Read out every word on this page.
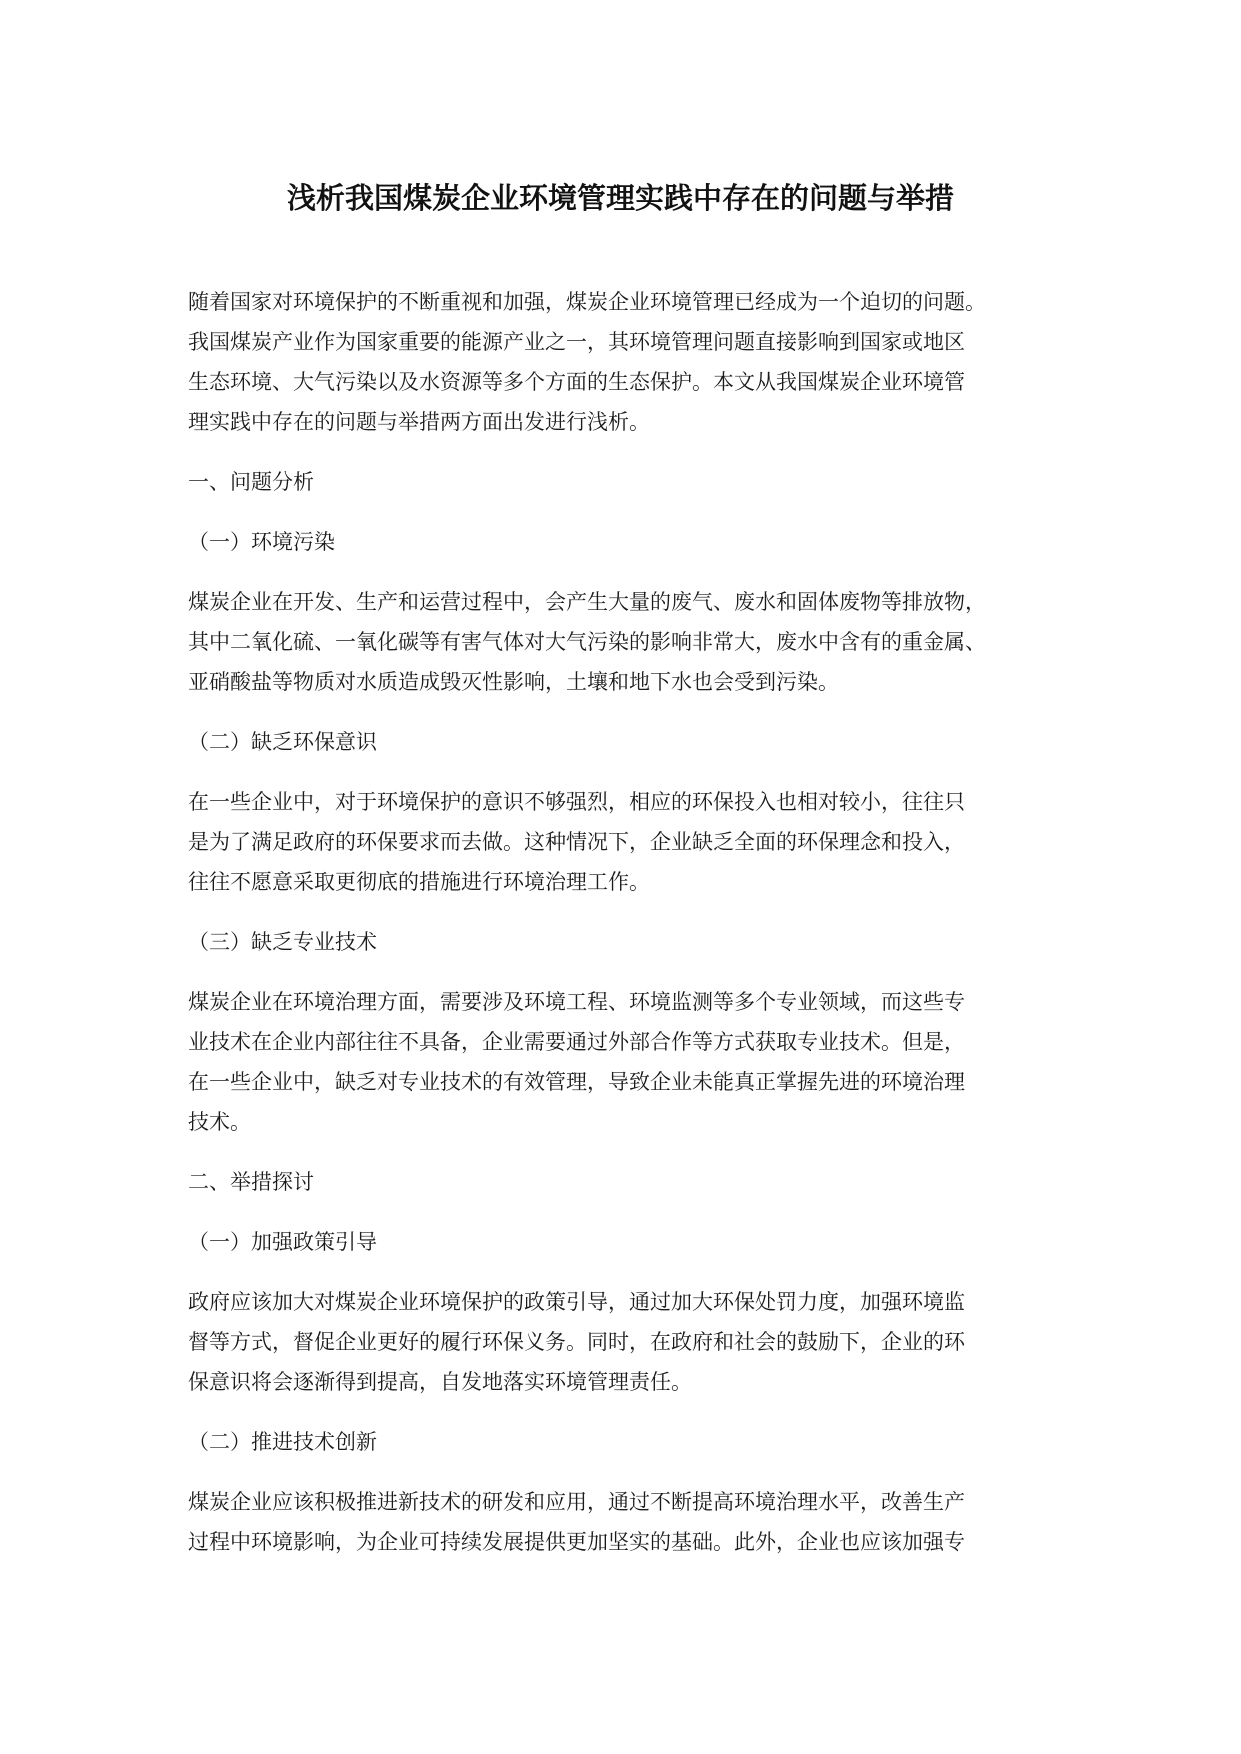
浅析我国煤炭企业环境管理实践中存在的问题与举措

随着国家对环境保护的不断重视和加强，煤炭企业环境管理已经成为一个迫切的问题。
我国煤炭产业作为国家重要的能源产业之一，其环境管理问题直接影响到国家或地区
生态环境、大气污染以及水资源等多个方面的生态保护。本文从我国煤炭企业环境管
理实践中存在的问题与举措两方面出发进行浅析。

一、问题分析

（一）环境污染

煤炭企业在开发、生产和运营过程中，会产生大量的废气、废水和固体废物等排放物，
其中二氧化硫、一氧化碳等有害气体对大气污染的影响非常大，废水中含有的重金属、
亚硝酸盐等物质对水质造成毁灭性影响，土壤和地下水也会受到污染。

（二）缺乏环保意识

在一些企业中，对于环境保护的意识不够强烈，相应的环保投入也相对较小，往往只
是为了满足政府的环保要求而去做。这种情况下，企业缺乏全面的环保理念和投入，
往往不愿意采取更彻底的措施进行环境治理工作。

（三）缺乏专业技术

煤炭企业在环境治理方面，需要涉及环境工程、环境监测等多个专业领域，而这些专
业技术在企业内部往往不具备，企业需要通过外部合作等方式获取专业技术。但是，
在一些企业中，缺乏对专业技术的有效管理，导致企业未能真正掌握先进的环境治理
技术。

二、举措探讨

（一）加强政策引导

政府应该加大对煤炭企业环境保护的政策引导，通过加大环保处罚力度，加强环境监
督等方式，督促企业更好的履行环保义务。同时，在政府和社会的鼓励下，企业的环
保意识将会逐渐得到提高，自发地落实环境管理责任。

（二）推进技术创新

煤炭企业应该积极推进新技术的研发和应用，通过不断提高环境治理水平，改善生产
过程中环境影响，为企业可持续发展提供更加坚实的基础。此外，企业也应该加强专
